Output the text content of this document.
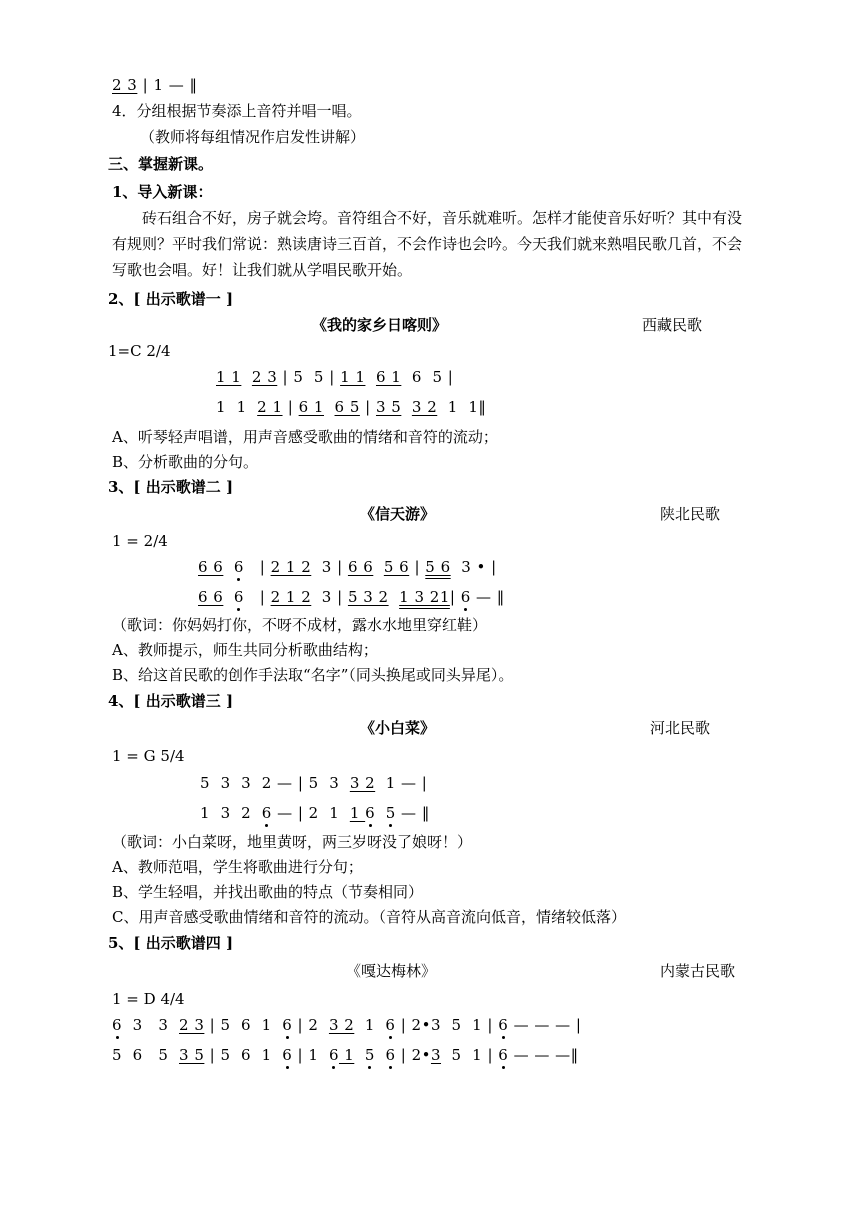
2 3 | 1 — ‖
4．分组根据节奏添上音符并唱一唱。
（教师将每组情况作启发性讲解）
三、掌握新课。
1、导入新课：
砖石组合不好，房子就会垮。音符组合不好，音乐就难听。怎样才能使音乐好听？其中有没有规则？平时我们常说：熟读唐诗三百首，不会作诗也会吟。今天我们就来熟唱民歌几首，不会写歌也会唱。好！让我们就从学唱民歌开始。
2、[ 出示歌谱一 ]
《我的家乡日喀则》	西藏民歌
1=C 2/4
1 1 2 3 | 5  5 | 1 1 6 1  6  5 |
1  1  2 1 | 6 1 6 5 | 3 5 3 2  1  1‖
A、听琴轻声唱谱，用声音感受歌曲的情绪和音符的流动；
B、分析歌曲的分句。
3、[ 出示歌谱二 ]
《信天游》	陕北民歌
1 = 2/4
6 6 6   | 2 1 2  3 | 6 6 5 6 | 5 6  3 • |
6 6 6   | 2 1 2  3 | 5 3 2 1 3 21| 6 — ‖
（歌词：你妈妈打你，不呀不成材，露水水地里穿红鞋）
A、教师提示，师生共同分析歌曲结构；
B、给这首民歌的创作手法取“名字”（同头换尾或同头异尾）。
4、[ 出示歌谱三 ]
《小白菜》	河北民歌
1 = G 5/4
5  3  3  2 — | 5  3  3 2  1 — |
1  3  2  6 — | 2  1  1 6 5 — ‖
（歌词：小白菜呀，地里黄呀，两三岁呀没了娘呀！）
A、教师范唱，学生将歌曲进行分句；
B、学生轻唱，并找出歌曲的特点（节奏相同）
C、用声音感受歌曲情绪和音符的流动。（音符从高音流向低音，情绪较低落）
5、[ 出示歌谱四 ]
《嘎达梅林》	内蒙古民歌
1 = D 4/4
6  3   3  2 3 | 5  6  1  6 | 2  3 2  1  6 | 2•3  5  1 | 6 — — — |
5  6   5  3 5 | 5  6  1  6 | 1  6 1 5 6 | 2•3  5  1 | 6 — — —‖
